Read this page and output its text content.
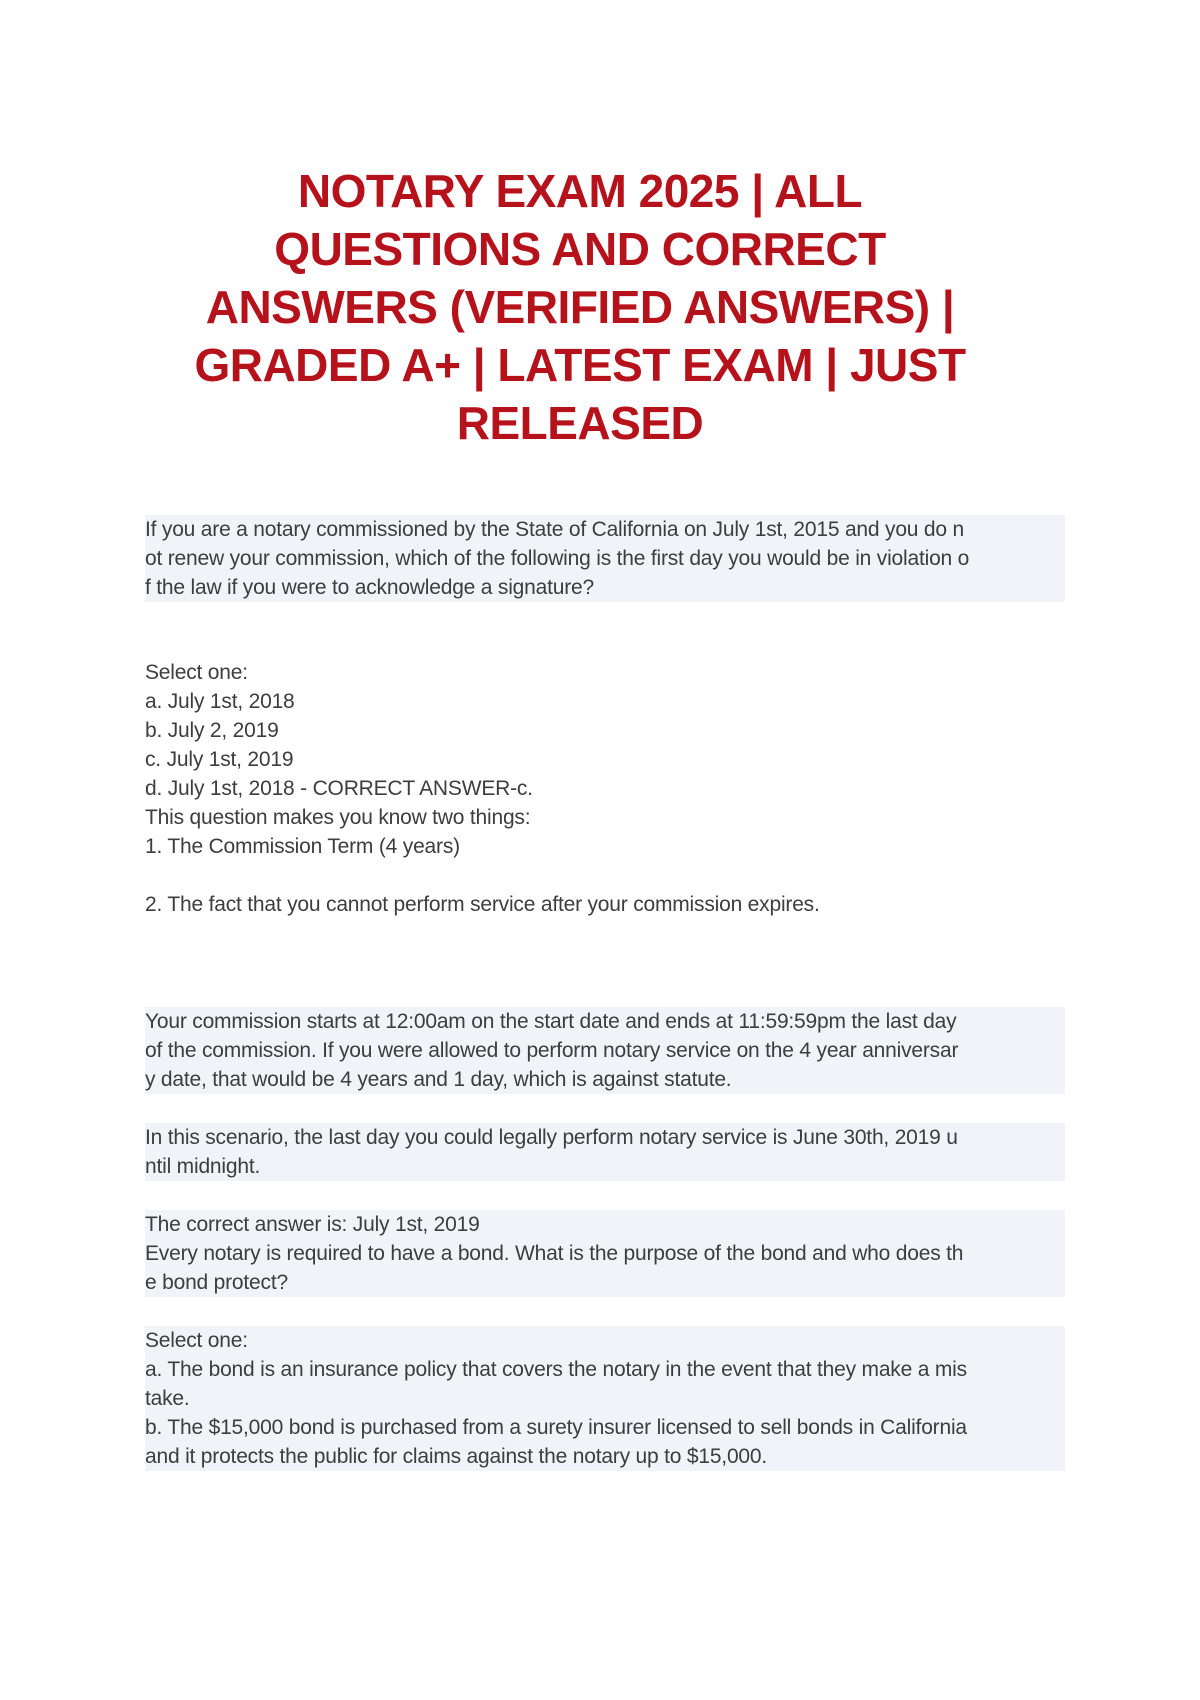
NOTARY EXAM 2025 | ALL
QUESTIONS AND CORRECT
ANSWERS (VERIFIED ANSWERS) |
GRADED A+ | LATEST EXAM | JUST
RELEASED

If you are a notary commissioned by the State of California on July 1st, 2015 and you do n
ot renew your commission, which of the following is the first day you would be in violation o
f the law if you were to acknowledge a signature?

Select one:
a. July 1st, 2018
b. July 2, 2019
c. July 1st, 2019
d. July 1st, 2018 - CORRECT ANSWER-c.
This question makes you know two things:
1. The Commission Term (4 years)

2. The fact that you cannot perform service after your commission expires.

Your commission starts at 12:00am on the start date and ends at 11:59:59pm the last day
of the commission. If you were allowed to perform notary service on the 4 year anniversar
y date, that would be 4 years and 1 day, which is against statute.

In this scenario, the last day you could legally perform notary service is June 30th, 2019 u
ntil midnight.

The correct answer is: July 1st, 2019
Every notary is required to have a bond. What is the purpose of the bond and who does th
e bond protect?

Select one:
a. The bond is an insurance policy that covers the notary in the event that they make a mis
take.
b. The $15,000 bond is purchased from a surety insurer licensed to sell bonds in California
and it protects the public for claims against the notary up to $15,000.
